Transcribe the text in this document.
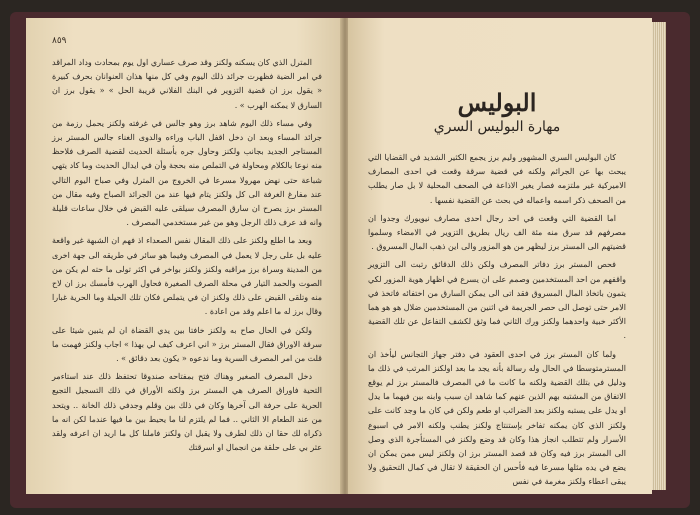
٨٥٩

المترل الذي كان يسكنه ولكنز وقد صرف عساري اول يوم بمحادث وداد المراقد في امر الضية فظهرت جرائد ذلك اليوم وفي كل منها هذان العنوانان بحرف كبيرة « يقول برز ان قضية التزوير في البنك الفلاني قريبة الحل » « يقول برز ان السارق لا يمكنه الهرب » .

وفي مساء ذلك اليوم شاهد برز وهو جالس في غرفته ولكنز يحمل رزمة من جرائد المساء وبعد ان دخل اقفل الباب وراءه والدوى الغناء جالس المستر برز المستاجر الجديد بجانب ولكنز وحاول جره بأسئلة الحديث لقضية الصرف فلاحظ منه نوعا بالكلام ومحاولة في التملص منه بحجة وأن في ايدال الحديث وما كاد يتهي شباعة حتى نهض مهرولا مسرعا في الخروج من المترل وفي صباح اليوم التالي عند مفارغ الغرفة الى كل ولكنز يتام فيها عند من الجرائد الصباح وفيه مقال من المستر برز يصرح ان سارق المصرف سيلقى عليه القبض في خلال ساعات قليلة وانه قد عرف ذلك الرجل وهو من غير مستخدمي المصرف .

وبعد ما اطلع ولكنز على ذلك المقال نفس الصعداء اذ فهم ان الشبهة غير واقعة عليه بل على رجل لا يعمل في المصرف وفيما هو سائر في طريقه الى جهة اخرى من المدينة وسراة برز مراقبه ولكنز ولكنز بواخر في اكثر تولى ما حته لم يكن من الصوت والحمد التيار في محلة الصرف الصغيرة فحاول الهرب فأمسك برز ان لاح منه وتلقى القبض على ذلك ولكنز ان في يتملص فكان تلك الحيلة وما الحرية غبارا وقال برز له ما اعلم وقد من اعادة .

ولكن في الحال صاح به ولكنز خافتا بين يدي القضاة ان لم يتبين شيئا على سرقة الاوراق فقال المستر برز « اني اعرف كيف لي بهذا » اجاب ولكنز فهمت ما قلت من امر المصرف السرية وما ندعوه « يكون بعد دقائق » .

دخل المصرف الصغير وهناك فتح بمفتاحه صندوقا تحتفظ ذلك عند استاءمر التحية فاوراق الصرف هي المستر برز ولكنه الأوراق في ذلك التسجيل التجيع الحرية على حرفة الى آخرها وكان في ذلك بين وقلم وجدفي ذلك الخانة .. ويتحد من عند الطعام الا الثاني .. فما لم يلتزم لنا ما يحيط بين ما فيها عندما لكن انه ما ذكراه لك حقا ان ذلك لطرف ولا يقبل ان ولكنز فاملنا كل ما اريد ان اعرفه ولقد عثر بي على حلقة من انجمال او اسرقتك

البوليس
مهارة البوليس السري

كان البوليس السري المشهور وليم برز يجمع الكثير الشديد في القضايا التي يبحث بها عن الجرائم ولكنه في قضية سرقة وقعت في احدى المصارف الاميركية غير ملتزمه فصار يغير الاذاعة في الصحف المحلية لا بل صار يطلب من الصحف ذكر اسمه واعماله في بحث عن القضية نفسها .

اما القضية التي وقعت في احد رجال احدى مصارف نيويورك وجدوا ان مصرفهم قد سرق منه مئة الف ريال بطريق التزوير في الامضاء وسلموا قضيتهم الى المستر برز ليظهر من هو المزور والى اين ذهب المال المسروق .

فحص المستر برز دفاتر المصرف ولكن ذلك الدقائق رتبت الى التزوير واقفهم من احد المستخدمين وصمم على ان يسرع في اظهار هوية المزور لكي يتمون باتخاذ المال المسروق فقد اتى الى يمكن السارق من اختفائه فاتخذ في الامر حتى توصل الى حصر الجريمة في اثنين من المستخدمين ضلال هو هو هما الأكثر خبية واحدهما ولكنز ورك الثاني فما وثق لكشف التفاعل عن تلك القضية .

ولما كان المستر برز في احدى العقود في دفتر جهاز التجانس ليأخذ ان المسترمتوسطا في الحال وله رسالة بأنه يجد ما بعد اولكنز المرتب في ذلك ما ودليل في بتلك القضية ولكنه ما كانت ما في المصرف فالمستر برز لم يوقع الاتفاق من المشتبه بهم الذين عنهم كما شاهد ان سبب وابنه بين فيهما ما يدل او يدل على يستبه ولكنز بعد الضرائب او طعم ولكن في كان ما وجد كانت على ولكنز الذي كان يمكنه تفاخر بإستنتاج ولكنز يطنب ولكنه الامر في اسبوع الأسرار ولم تتطلب انجاز هذا وكان قد وضع ولكنز في المستأجرة الذي وصل الى المستر برز فيه وكان قد قصد المستر برز ان ولكنز ليس ممن يمكن ان يضع في يده مثلها مسرعا فيه فأحس ان الحقيقة لا تقال في كمال التحقيق ولا يبقى اعطاء ولكنز مغرمة في نفس
